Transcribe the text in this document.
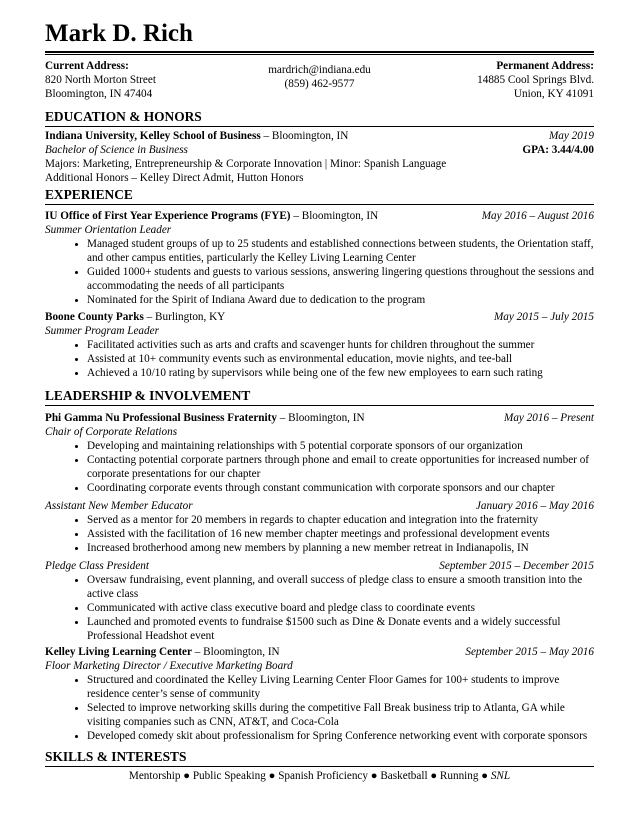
Mark D. Rich
Current Address:
820 North Morton Street
Bloomington, IN 47404
mardrich@indiana.edu
(859) 462-9577
Permanent Address:
14885 Cool Springs Blvd.
Union, KY 41091
EDUCATION & HONORS
Indiana University, Kelley School of Business – Bloomington, IN	May 2019
Bachelor of Science in Business	GPA: 3.44/4.00
Majors: Marketing, Entrepreneurship & Corporate Innovation | Minor: Spanish Language
Additional Honors – Kelley Direct Admit, Hutton Honors
EXPERIENCE
IU Office of First Year Experience Programs (FYE) – Bloomington, IN	May 2016 – August 2016
Summer Orientation Leader
• Managed student groups of up to 25 students and established connections between students, the Orientation staff, and other campus entities, particularly the Kelley Living Learning Center
• Guided 1000+ students and guests to various sessions, answering lingering questions throughout the sessions and accommodating the needs of all participants
• Nominated for the Spirit of Indiana Award due to dedication to the program
Boone County Parks – Burlington, KY	May 2015 – July 2015
Summer Program Leader
• Facilitated activities such as arts and crafts and scavenger hunts for children throughout the summer
• Assisted at 10+ community events such as environmental education, movie nights, and tee-ball
• Achieved a 10/10 rating by supervisors while being one of the few new employees to earn such rating
LEADERSHIP & INVOLVEMENT
Phi Gamma Nu Professional Business Fraternity – Bloomington, IN	May 2016 – Present
Chair of Corporate Relations
• Developing and maintaining relationships with 5 potential corporate sponsors of our organization
• Contacting potential corporate partners through phone and email to create opportunities for increased number of corporate presentations for our chapter
• Coordinating corporate events through constant communication with corporate sponsors and our chapter
Assistant New Member Educator	January 2016 – May 2016
• Served as a mentor for 20 members in regards to chapter education and integration into the fraternity
• Assisted with the facilitation of 16 new member chapter meetings and professional development events
• Increased brotherhood among new members by planning a new member retreat in Indianapolis, IN
Pledge Class President	September 2015 – December 2015
• Oversaw fundraising, event planning, and overall success of pledge class to ensure a smooth transition into the active class
• Communicated with active class executive board and pledge class to coordinate events
• Launched and promoted events to fundraise $1500 such as Dine & Donate events and a widely successful Professional Headshot event
Kelley Living Learning Center – Bloomington, IN	September 2015 – May 2016
Floor Marketing Director / Executive Marketing Board
• Structured and coordinated the Kelley Living Learning Center Floor Games for 100+ students to improve residence center’s sense of community
• Selected to improve networking skills during the competitive Fall Break business trip to Atlanta, GA while visiting companies such as CNN, AT&T, and Coca-Cola
• Developed comedy skit about professionalism for Spring Conference networking event with corporate sponsors
SKILLS & INTERESTS
Mentorship ● Public Speaking ● Spanish Proficiency ● Basketball ● Running ● SNL
